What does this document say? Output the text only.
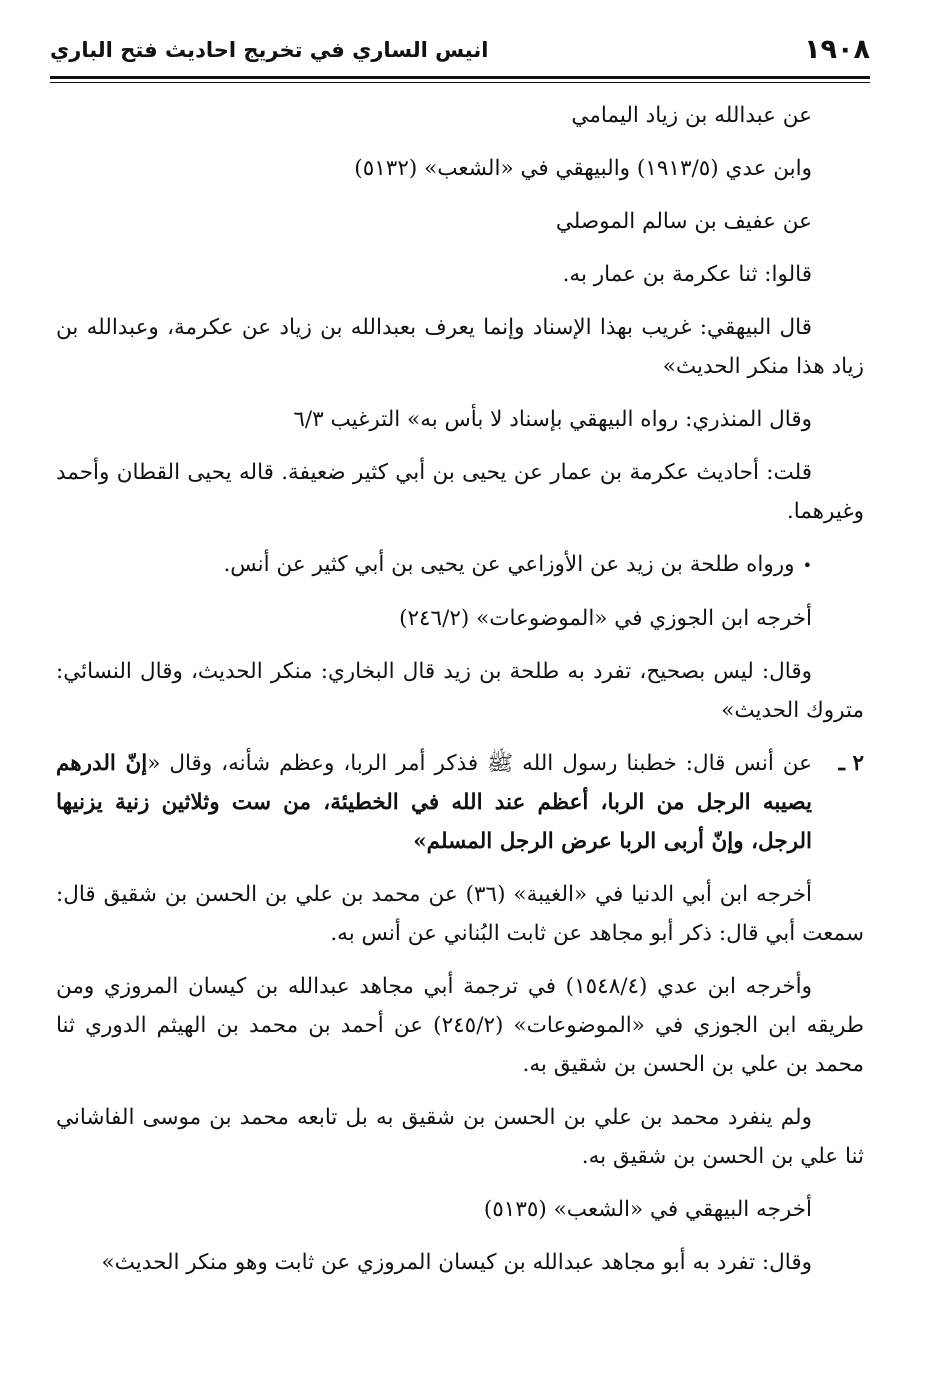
١٩٠٨
انيس الساري في تخريج احاديث فتح الباري

عن عبدالله بن زياد اليمامي

وابن عدي (١٩١٣/٥) والبيهقي في «الشعب» (٥١٣٢)

عن عفيف بن سالم الموصلي

قالوا: ثنا عكرمة بن عمار به.

قال البيهقي: غريب بهذا الإسناد وإنما يعرف بعبدالله بن زياد عن عكرمة، وعبدالله بن زياد هذا منكر الحديث»

وقال المنذري: رواه البيهقي بإسناد لا بأس به» الترغيب ٦/٣

قلت: أحاديث عكرمة بن عمار عن يحيى بن أبي كثير ضعيفة. قاله يحيى القطان وأحمد وغيرهما.

•ورواه طلحة بن زيد عن الأوزاعي عن يحيى بن أبي كثير عن أنس.

أخرجه ابن الجوزي في «الموضوعات» (٢٤٦/٢)

وقال: ليس بصحيح، تفرد به طلحة بن زيد قال البخاري: منكر الحديث، وقال النسائي: متروك الحديث»

٢ ـ
عن أنس قال: خطبنا رسول الله ﷺ فذكر أمر الربا، وعظم شأنه، وقال «إنّ الدرهم يصيبه الرجل من الربا، أعظم عند الله في الخطيئة، من ست وثلاثين زنية يزنيها الرجل، وإنّ أربى الربا عرض الرجل المسلم»

أخرجه ابن أبي الدنيا في «الغيبة» (٣٦) عن محمد بن علي بن الحسن بن شقيق قال: سمعت أبي قال: ذكر أبو مجاهد عن ثابت البُناني عن أنس به.

وأخرجه ابن عدي (١٥٤٨/٤) في ترجمة أبي مجاهد عبدالله بن كيسان المروزي ومن طريقه ابن الجوزي في «الموضوعات» (٢٤٥/٢) عن أحمد بن محمد بن الهيثم الدوري ثنا محمد بن علي بن الحسن بن شقيق به.

ولم ينفرد محمد بن علي بن الحسن بن شقيق به بل تابعه محمد بن موسى الفاشاني ثنا علي بن الحسن بن شقيق به.

أخرجه البيهقي في «الشعب» (٥١٣٥)

وقال: تفرد به أبو مجاهد عبدالله بن كيسان المروزي عن ثابت وهو منكر الحديث»
